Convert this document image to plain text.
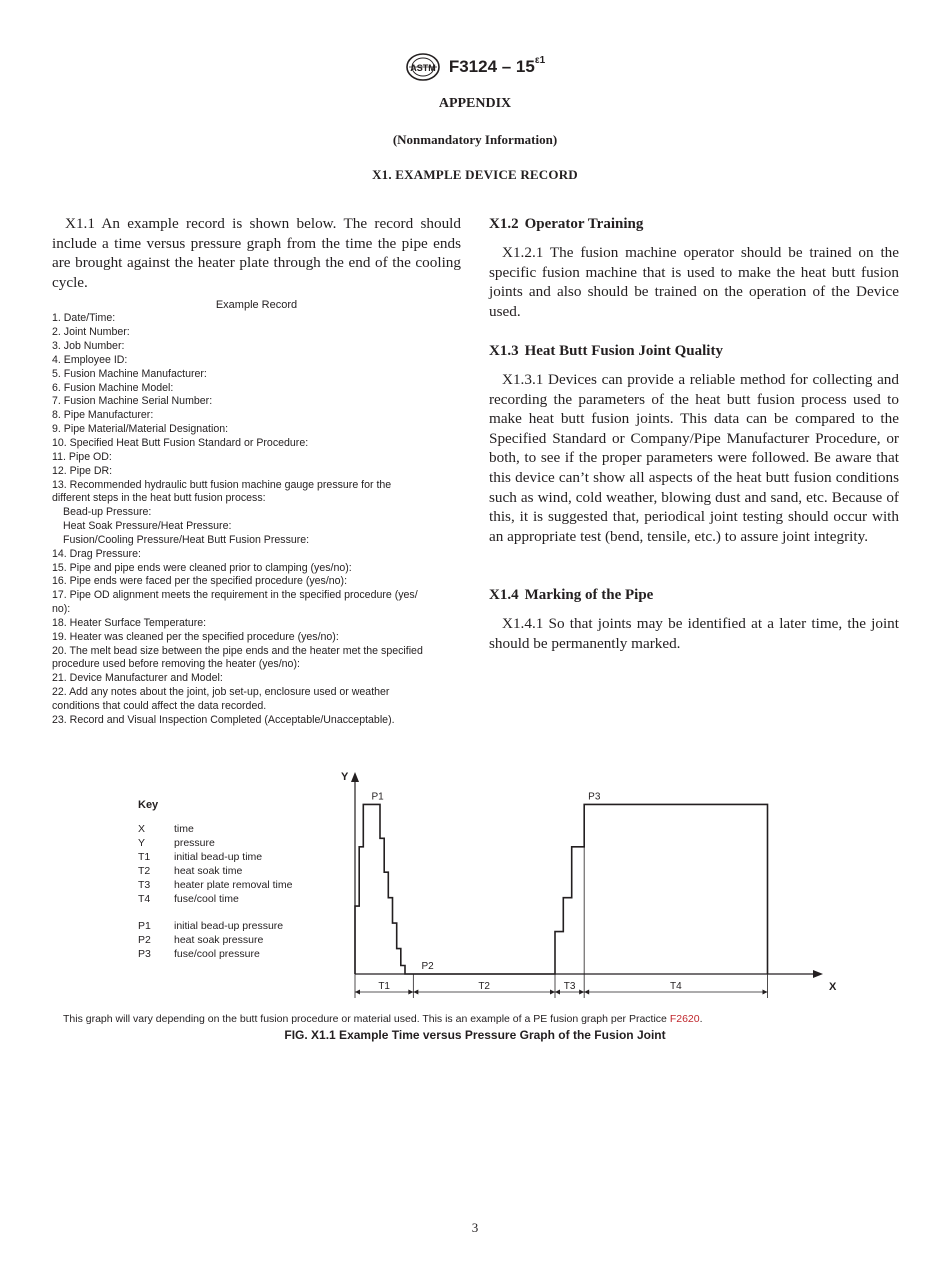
ASTM $F3124 - 15^{\varepsilon 1}$
APPENDIX
(Nonmandatory Information)
X1. EXAMPLE DEVICE RECORD

X1.1 An example record is shown below. The record should include a time versus pressure graph from the time the pipe ends are brought against the heater plate through the end of the cooling cycle.

Example Record
1. Date/Time:
2. Joint Number:
3. Job Number:
4. Employee ID:
5. Fusion Machine Manufacturer:
6. Fusion Machine Model:
7. Fusion Machine Serial Number:
8. Pipe Manufacturer:
9. Pipe Material/Material Designation:
10. Specified Heat Butt Fusion Standard or Procedure:
11. Pipe OD:
12. Pipe DR:
13. Recommended hydraulic butt fusion machine gauge pressure for the
different steps in the heat butt fusion process:
Bead-up Pressure:
Heat Soak Pressure/Heat Pressure:
Fusion/Cooling Pressure/Heat Butt Fusion Pressure:
14. Drag Pressure:
15. Pipe and pipe ends were cleaned prior to clamping (yes/no):
16. Pipe ends were faced per the specified procedure (yes/no):
17. Pipe OD alignment meets the requirement in the specified procedure (yes/
no):
18. Heater Surface Temperature:
19. Heater was cleaned per the specified procedure (yes/no):
20. The melt bead size between the pipe ends and the heater met the specified
procedure used before removing the heater (yes/no):
21. Device Manufacturer and Model:
22. Add any notes about the joint, job set-up, enclosure used or weather
conditions that could affect the data recorded.
23. Record and Visual Inspection Completed (Acceptable/Unacceptable).
X1.2 Operator Training

X1.2.1 The fusion machine operator should be trained on the specific fusion machine that is used to make the heat butt fusion joints and also should be trained on the operation of the Device used.

X1.3 Heat Butt Fusion Joint Quality

X1.3.1 Devices can provide a reliable method for collecting and recording the parameters of the heat butt fusion process used to make heat butt fusion joints. This data can be compared to the Specified Standard or Company/Pipe Manufacturer Procedure, or both, to see if the proper parameters were followed. Be aware that this device can’t show all aspects of the heat butt fusion conditions such as wind, cold weather, blowing dust and sand, etc. Because of this, it is suggested that, periodical joint testing should occur with an appropriate test (bend, tensile, etc.) to assure joint integrity.

X1.4 Marking of the Pipe

X1.4.1 So that joints may be identified at a later time, the joint should be permanently marked.

Key
X	time
Y	pressure
T1 initial bead-up time
T2 heat soak time
T3 heater plate removal time
T4 fuse/cool time
P1 initial bead-up pressure
P2 heat soak pressure
P3 fuse/cool pressure
X
Y
P1
P2
P3
T1	T2	T3	T4
This graph will vary depending on the butt fusion procedure or material used. This is an example of a PE fusion graph per Practice F2620.
FIG. X1.1 Example Time versus Pressure Graph of the Fusion Joint
3
